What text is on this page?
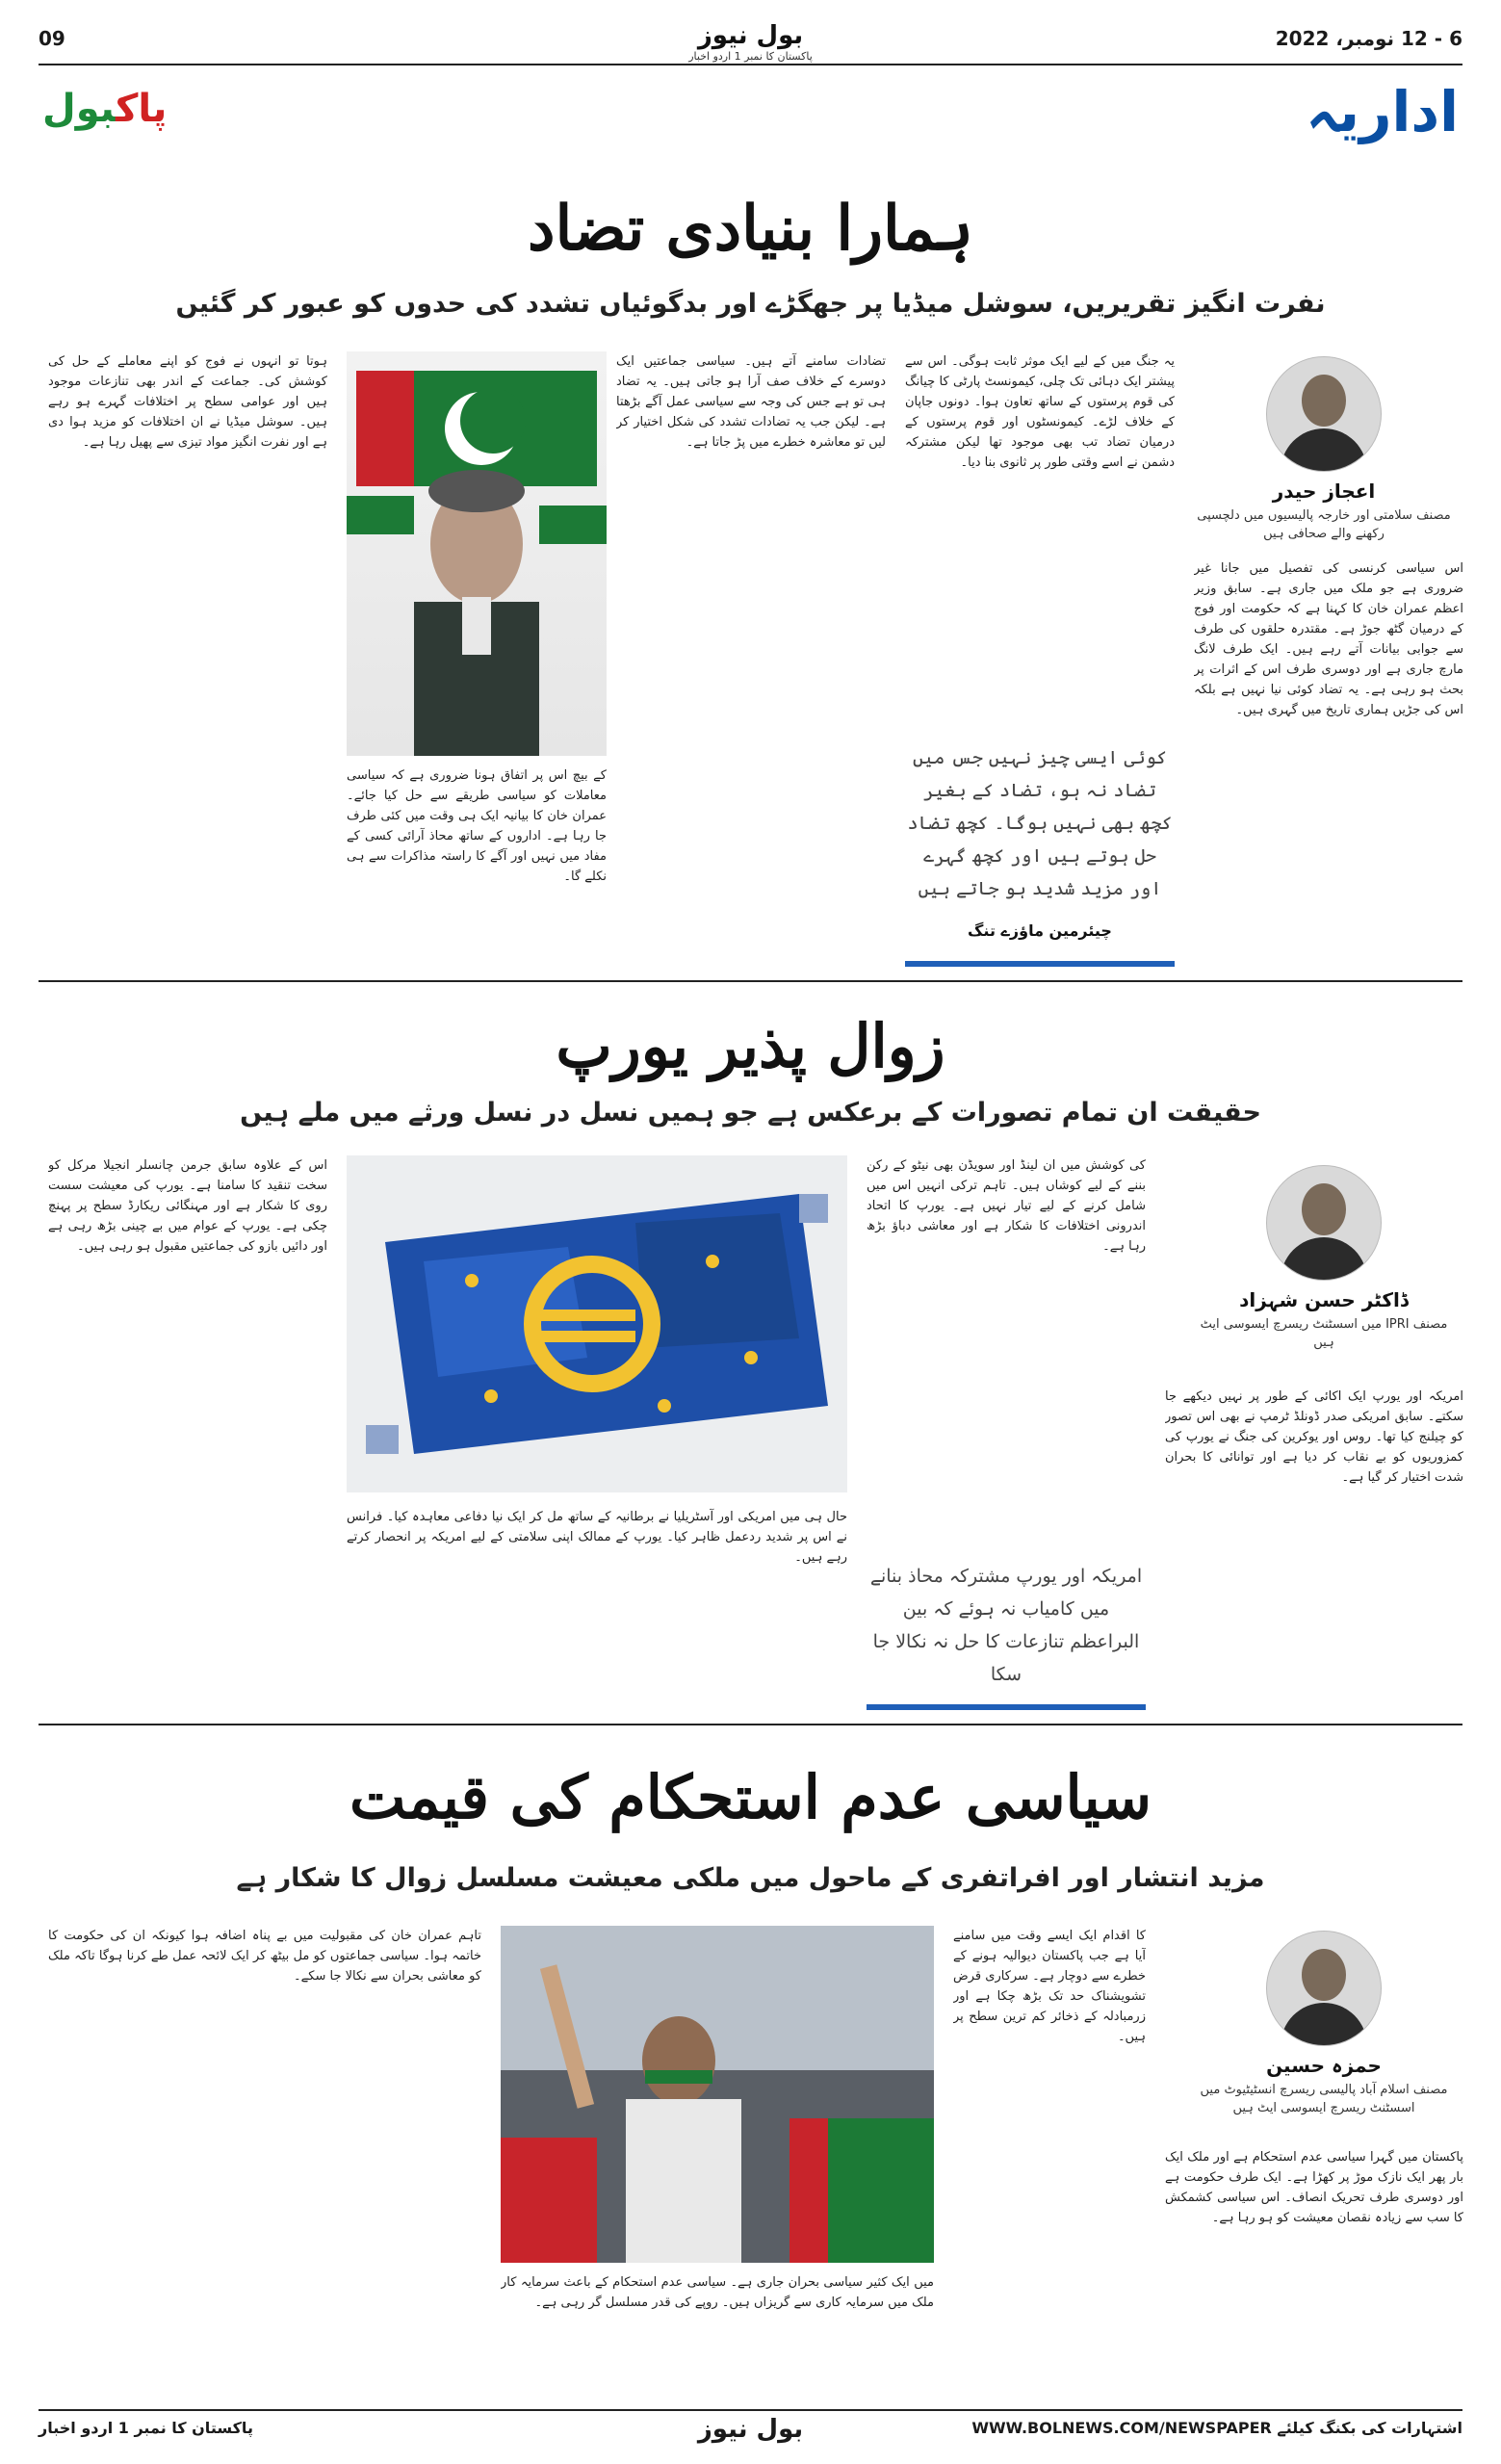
09	بول نیوز
پاکستان کا نمبر 1 اردو اخبار
6 - 12 نومبر، 2022
پاکبول	اداریہ
ہمارا بنیادی تضاد
نفرت انگیز تقریریں، سوشل میڈیا پر جھگڑے اور بدگوئیاں تشدد کی حدوں کو عبور کر گئیں
اعجاز حیدر
مصنف سلامتی اور خارجہ پالیسیوں میں دلچسپی رکھنے والے صحافی ہیں

اس سیاسی کرنسی کی تفصیل میں جانا غیر ضروری ہے جو ملک میں جاری ہے۔ سابق وزیر اعظم عمران خان کا کہنا ہے کہ حکومت اور فوج کے درمیان گٹھ جوڑ ہے۔ مقتدرہ حلقوں کی طرف سے جوابی بیانات آتے رہے ہیں۔ ایک طرف لانگ مارچ جاری ہے اور دوسری طرف اس کے اثرات پر بحث ہو رہی ہے۔ یہ تضاد کوئی نیا نہیں ہے بلکہ اس کی جڑیں ہماری تاریخ میں گہری ہیں۔

یہ جنگ میں کے لیے ایک موثر ثابت ہوگی۔ اس سے پیشتر ایک دہائی تک چلی، کیمونسٹ پارٹی کا چیانگ کی قوم پرستوں کے ساتھ تعاون ہوا۔ دونوں جاپان کے خلاف لڑے۔ کیمونسٹوں اور قوم پرستوں کے درمیان تضاد تب بھی موجود تھا لیکن مشترکہ دشمن نے اسے وقتی طور پر ثانوی بنا دیا۔

کوئی ایسی چیز نہیں جس میں تضاد نہ ہو، تضاد کے بغیر کچھ بھی نہیں ہوگا۔ کچھ تضاد حل ہوتے ہیں اور کچھ گہرے اور مزید شدید ہو جاتے ہیں
چیئرمین ماؤزے تنگ

تضادات سامنے آتے ہیں۔ سیاسی جماعتیں ایک دوسرے کے خلاف صف آرا ہو جاتی ہیں۔ یہ تضاد ہی تو ہے جس کی وجہ سے سیاسی عمل آگے بڑھتا ہے۔ لیکن جب یہ تضادات تشدد کی شکل اختیار کر لیں تو معاشرہ خطرے میں پڑ جاتا ہے۔

کے بیچ اس پر اتفاق ہونا ضروری ہے کہ سیاسی معاملات کو سیاسی طریقے سے حل کیا جائے۔ عمران خان کا بیانیہ ایک ہی وقت میں کئی طرف جا رہا ہے۔ اداروں کے ساتھ محاذ آرائی کسی کے مفاد میں نہیں اور آگے کا راستہ مذاکرات سے ہی نکلے گا۔

ہوتا تو انہوں نے فوج کو اپنے معاملے کے حل کی کوشش کی۔ جماعت کے اندر بھی تنازعات موجود ہیں اور عوامی سطح پر اختلافات گہرے ہو رہے ہیں۔ سوشل میڈیا نے ان اختلافات کو مزید ہوا دی ہے اور نفرت انگیز مواد تیزی سے پھیل رہا ہے۔

زوال پذیر یورپ
حقیقت ان تمام تصورات کے برعکس ہے جو ہمیں نسل در نسل ورثے میں ملے ہیں
ڈاکٹر حسن شہزاد
مصنف IPRI میں اسسٹنٹ ریسرچ ایسوسی ایٹ ہیں

امریکہ اور یورپ ایک اکائی کے طور پر نہیں دیکھے جا سکتے۔ سابق امریکی صدر ڈونلڈ ٹرمپ نے بھی اس تصور کو چیلنج کیا تھا۔ روس اور یوکرین کی جنگ نے یورپ کی کمزوریوں کو بے نقاب کر دیا ہے اور توانائی کا بحران شدت اختیار کر گیا ہے۔

کی کوشش میں ان لینڈ اور سویڈن بھی نیٹو کے رکن بننے کے لیے کوشاں ہیں۔ تاہم ترکی انہیں اس میں شامل کرنے کے لیے تیار نہیں ہے۔ یورپ کا اتحاد اندرونی اختلافات کا شکار ہے اور معاشی دباؤ بڑھ رہا ہے۔

امریکہ اور یورپ مشترکہ محاذ بنانے میں کامیاب نہ ہوئے کہ بین البراعظم تنازعات کا حل نہ نکالا جا سکا

حال ہی میں امریکی اور آسٹریلیا نے برطانیہ کے ساتھ مل کر ایک نیا دفاعی معاہدہ کیا۔ فرانس نے اس پر شدید ردعمل ظاہر کیا۔ یورپ کے ممالک اپنی سلامتی کے لیے امریکہ پر انحصار کرتے رہے ہیں۔

اس کے علاوہ سابق جرمن چانسلر انجیلا مرکل کو سخت تنقید کا سامنا ہے۔ یورپ کی معیشت سست روی کا شکار ہے اور مہنگائی ریکارڈ سطح پر پہنچ چکی ہے۔ یورپ کے عوام میں بے چینی بڑھ رہی ہے اور دائیں بازو کی جماعتیں مقبول ہو رہی ہیں۔

سیاسی عدم استحکام کی قیمت
مزید انتشار اور افراتفری کے ماحول میں ملکی معیشت مسلسل زوال کا شکار ہے
حمزہ حسین
مصنف اسلام آباد پالیسی ریسرچ انسٹیٹیوٹ میں اسسٹنٹ ریسرچ ایسوسی ایٹ ہیں

پاکستان میں گہرا سیاسی عدم استحکام ہے اور ملک ایک بار پھر ایک نازک موڑ پر کھڑا ہے۔ ایک طرف حکومت ہے اور دوسری طرف تحریک انصاف۔ اس سیاسی کشمکش کا سب سے زیادہ نقصان معیشت کو ہو رہا ہے۔

کا اقدام ایک ایسے وقت میں سامنے آیا ہے جب پاکستان دیوالیہ ہونے کے خطرے سے دوچار ہے۔ سرکاری قرض تشویشناک حد تک بڑھ چکا ہے اور زرمبادلہ کے ذخائر کم ترین سطح پر ہیں۔

میں ایک کثیر سیاسی بحران جاری ہے۔ سیاسی عدم استحکام کے باعث سرمایہ کار ملک میں سرمایہ کاری سے گریزاں ہیں۔ روپے کی قدر مسلسل گر رہی ہے۔

تاہم عمران خان کی مقبولیت میں بے پناہ اضافہ ہوا کیونکہ ان کی حکومت کا خاتمہ ہوا۔ سیاسی جماعتوں کو مل بیٹھ کر ایک لائحہ عمل طے کرنا ہوگا تاکہ ملک کو معاشی بحران سے نکالا جا سکے۔

پاکستان کا نمبر 1 اردو اخبار	بول نیوز	اشتہارات کی بکنگ کیلئے WWW.BOLNEWS.COM/NEWSPAPER
